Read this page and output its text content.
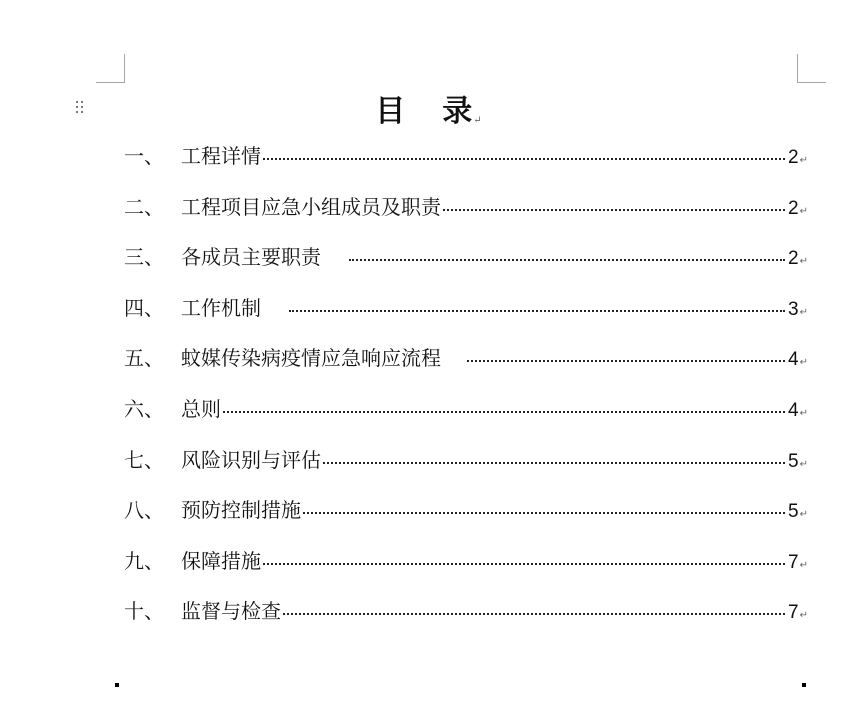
目 录↵
一、 工程详情	2 ↵
二、 工程项目应急小组成员及职责	2 ↵
三、 各成员主要职责	2 ↵
四、 工作机制	3 ↵
五、 蚊媒传染病疫情应急响应流程	4 ↵
六、 总则	4 ↵
七、 风险识别与评估	5 ↵
八、 预防控制措施	5 ↵
九、 保障措施	7 ↵
十、 监督与检查	7 ↵
